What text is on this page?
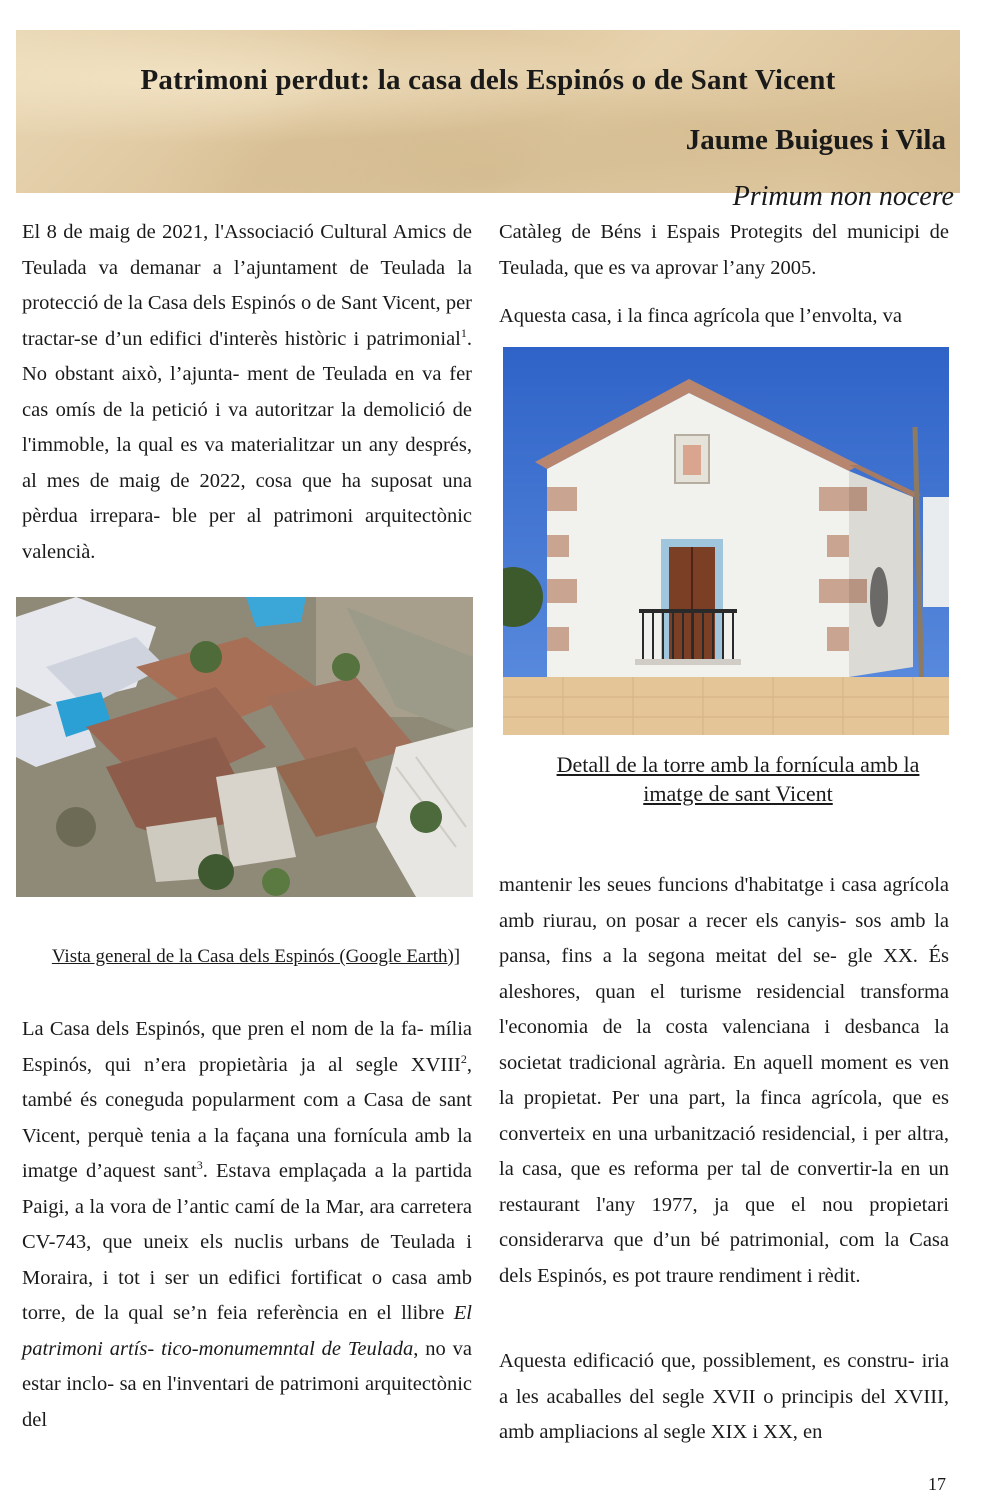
Patrimoni perdut: la casa dels Espinós o de Sant Vicent
Jaume Buigues i Vila
Primum non nocere

El 8 de maig de 2021, l'Associació Cultural Amics de Teulada va demanar a l’ajuntament de Teulada la protecció de la Casa dels Espinós o de Sant Vicent, per tractar-se d’un edifici d'interès històric i patrimonial$^1$. No obstant això, l’ajunta- ment de Teulada en va fer cas omís de la petició i va autoritzar la demolició de l'immoble, la qual es va materialitzar un any després, al mes de maig de 2022, cosa que ha suposat una pèrdua irrepara- ble per al patrimoni arquitectònic valencià.

Vista general de la Casa dels Espinós (Google Earth)]

La Casa dels Espinós, que pren el nom de la fa- mília Espinós, qui n’era propietària ja al segle XVIII$^2$, també és coneguda popularment com a Casa de sant Vicent, perquè tenia a la façana una fornícula amb la imatge d’aquest sant$^3$. Estava emplaçada a la partida Paigi, a la vora de l’antic camí de la Mar, ara carretera CV-743, que uneix els nuclis urbans de Teulada i Moraira, i tot i ser un edifici fortificat o casa amb torre, de la qual se’n feia referència en el llibre El patrimoni artís- tico-monumemntal de Teulada, no va estar inclo- sa en l'inventari de patrimoni arquitectònic del

Catàleg de Béns i Espais Protegits del municipi de Teulada, que es va aprovar l’any 2005.

Aquesta casa, i la finca agrícola que l’envolta, va

Detall de la torre amb la fornícula amb la imatge de sant Vicent

mantenir les seues funcions d'habitatge i casa agrícola amb riurau, on posar a recer els canyis- sos amb la pansa, fins a la segona meitat del se- gle XX. És aleshores, quan el turisme residencial transforma l'economia de la costa valenciana i desbanca la societat tradicional agrària. En aquell moment es ven la propietat. Per una part, la finca agrícola, que es converteix en una urbanització residencial, i per altra, la casa, que es reforma per tal de convertir-la en un restaurant l'any 1977, ja que el nou propietari considerarva que d’un bé patrimonial, com la Casa dels Espinós, es pot traure rendiment i rèdit.

Aquesta edificació que, possiblement, es constru- iria a les acaballes del segle XVII o principis del XVIII, amb ampliacions al segle XIX i XX, en

17
